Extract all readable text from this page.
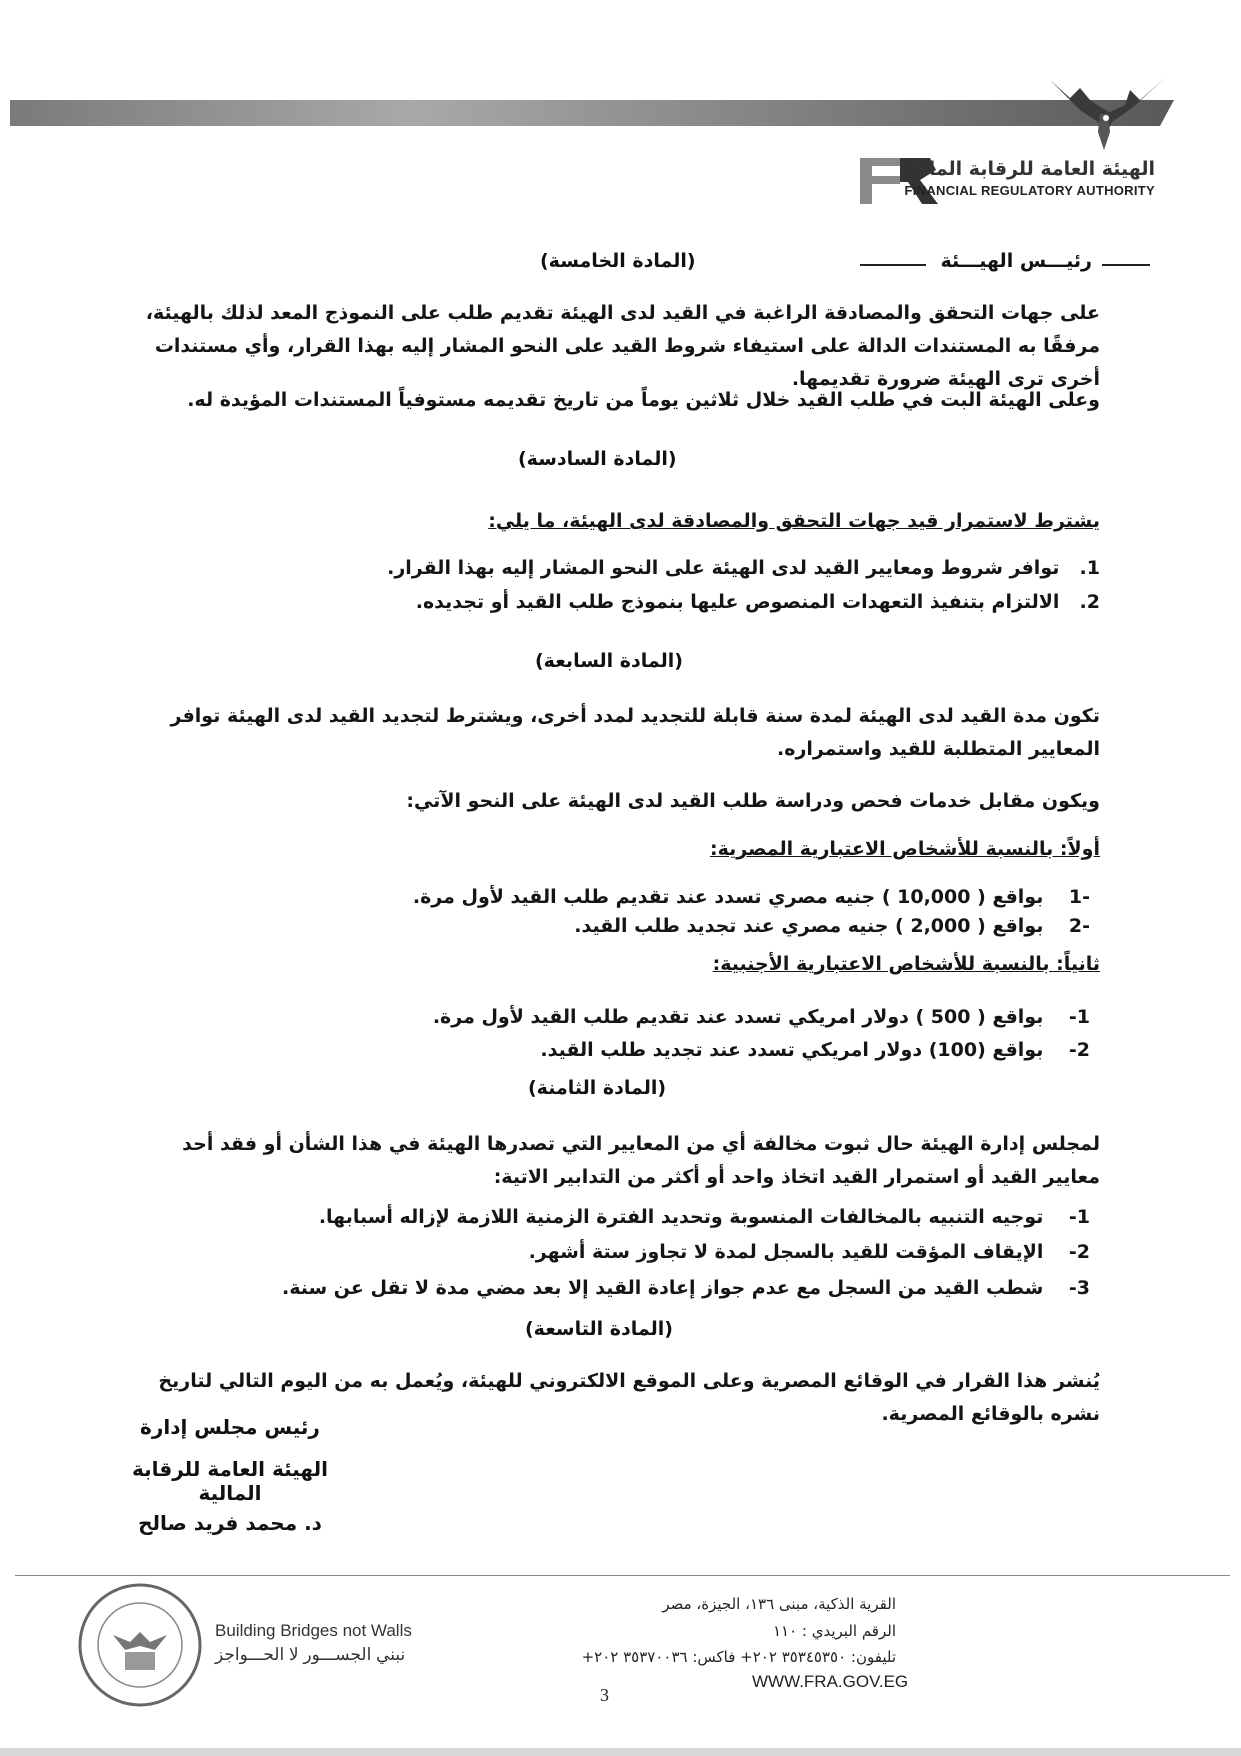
الهيئة العامة للرقابة المالية
FINANCIAL REGULATORY AUTHORITY
رئيـــس الهيـــئة
(المادة الخامسة)
على جهات التحقق والمصادقة الراغبة في القيد لدى الهيئة تقديم طلب على النموذج المعد لذلك بالهيئة، مرفقًا به المستندات الدالة على استيفاء شروط القيد على النحو المشار إليه بهذا القرار، وأي مستندات أخرى ترى الهيئة ضرورة تقديمها.
وعلى الهيئة البت في طلب القيد خلال ثلاثين يوماً من تاريخ تقديمه مستوفياً المستندات المؤيدة له.
(المادة السادسة)
يشترط لاستمرار قيد جهات التحقق والمصادقة لدى الهيئة، ما يلي:
1. توافر شروط ومعايير القيد لدى الهيئة على النحو المشار إليه بهذا القرار.
2. الالتزام بتنفيذ التعهدات المنصوص عليها بنموذج طلب القيد أو تجديده.
(المادة السابعة)
تكون مدة القيد لدى الهيئة لمدة سنة قابلة للتجديد لمدد أخرى، ويشترط لتجديد القيد لدى الهيئة توافر المعايير المتطلبة للقيد واستمراره.
ويكون مقابل خدمات فحص ودراسة طلب القيد لدى الهيئة على النحو الآتي:
أولاً: بالنسبة للأشخاص الاعتبارية المصرية:
-1 بواقع ( 10,000 ) جنيه مصري تسدد عند تقديم طلب القيد لأول مرة.
-2 بواقع ( 2,000 ) جنيه مصري عند تجديد طلب القيد.
ثانياً: بالنسبة للأشخاص الاعتبارية الأجنبية:
1- بواقع ( 500 ) دولار امريكي تسدد عند تقديم طلب القيد لأول مرة.
2- بواقع (100) دولار امريكي تسدد عند تجديد طلب القيد.
(المادة الثامنة)
لمجلس إدارة الهيئة حال ثبوت مخالفة أي من المعايير التي تصدرها الهيئة في هذا الشأن أو فقد أحد معايير القيد أو استمرار القيد اتخاذ واحد أو أكثر من التدابير الاتية:
1- توجيه التنبيه بالمخالفات المنسوبة وتحديد الفترة الزمنية اللازمة لإزاله أسبابها.
2- الإيقاف المؤقت للقيد بالسجل لمدة لا تجاوز ستة أشهر.
3- شطب القيد من السجل مع عدم جواز إعادة القيد إلا بعد مضي مدة لا تقل عن سنة.
(المادة التاسعة)
يُنشر هذا القرار في الوقائع المصرية وعلى الموقع الالكتروني للهيئة، ويُعمل به من اليوم التالي لتاريخ نشره بالوقائع المصرية.
رئيس مجلس إدارة
الهيئة العامة للرقابة المالية
د. محمد فريد صالح
Building Bridges not Walls
نبني الجســـور لا الحـــواجز
القرية الذكية، مبنى ١٣٦، الجيزة، مصر
الرقم البريدي : ١١٠
تليفون: ٣٥٣٤٥٣٥٠ ٢٠٢+ فاكس: ٣٥٣٧٠٠٣٦ ٢٠٢+
WWW.FRA.GOV.EG
3
